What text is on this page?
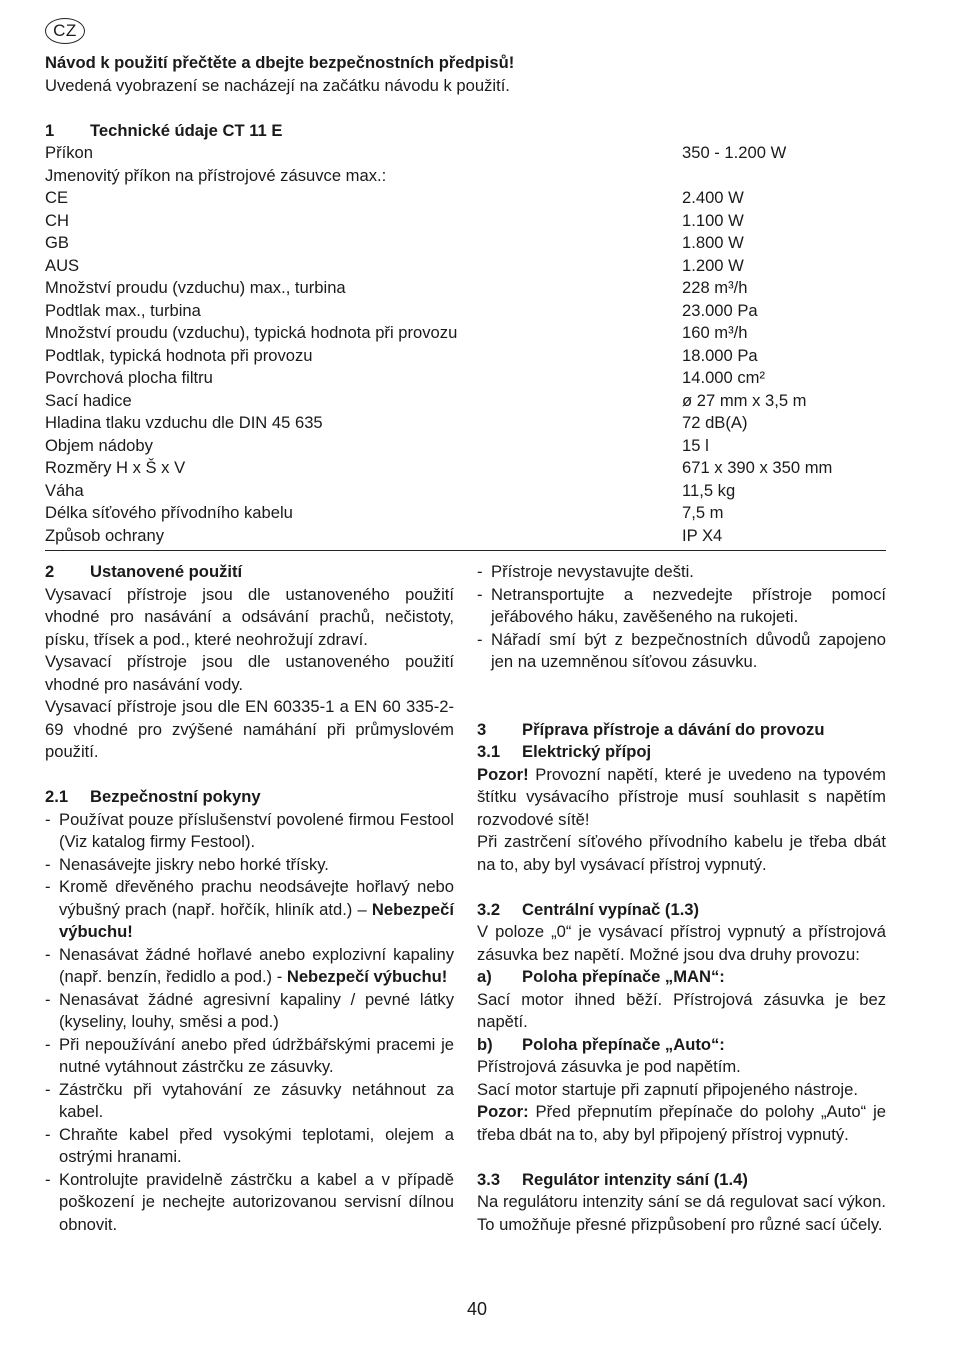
CZ
Návod k použití přečtěte a dbejte bezpečnostních předpisů!
Uvedená vyobrazení se nacházejí na začátku návodu k použití.
1 Technické údaje CT 11 E
Příkon	350 - 1.200 W
Jmenovitý příkon na přístrojové zásuvce max.:
CE	2.400 W
CH	1.100 W
GB	1.800 W
AUS	1.200 W
Množství proudu (vzduchu) max., turbina	228 m³/h
Podtlak max., turbina	23.000 Pa
Množství proudu (vzduchu), typická hodnota při provozu	160 m³/h
Podtlak, typická hodnota při provozu	18.000 Pa
Povrchová plocha filtru	14.000 cm²
Sací hadice	ø 27 mm x 3,5 m
Hladina tlaku vzduchu dle DIN 45 635	72 dB(A)
Objem nádoby	15 l
Rozměry H x Š x V	671 x 390 x 350 mm
Váha	11,5 kg
Délka síťového přívodního kabelu	7,5 m
Způsob ochrany	IP X4

2 Ustanovené použití

Vysavací přístroje jsou dle ustanoveného použití vhodné pro nasávání a odsávání prachů, nečistoty, písku, třísek a pod., které neohrožují zdraví.

Vysavací přístroje jsou dle ustanoveného použití vhodné pro nasávání vody.

Vysavací přístroje jsou dle EN 60335-1 a EN 60 335-2-69 vhodné pro zvýšené namáhání při průmyslovém použití.

2.1 Bezpečnostní pokyny

- Používat pouze příslušenství povolené firmou Festool (Viz katalog firmy Festool).
- Nenasávejte jiskry nebo horké třísky.
- Kromě dřevěného prachu neodsávejte hořlavý nebo výbušný prach (např. hořčík, hliník atd.) – Nebezpečí výbuchu!
- Nenasávat žádné hořlavé anebo explozivní kapaliny (např. benzín, ředidlo a pod.) - Nebezpečí výbuchu!
- Nenasávat žádné agresivní kapaliny / pevné látky (kyseliny, louhy, směsi a pod.)
- Při nepoužívání anebo před údržbářskými pracemi je nutné vytáhnout zástrčku ze zásuvky.
- Zástrčku při vytahování ze zásuvky netáhnout za kabel.
- Chraňte kabel před vysokými teplotami, olejem a ostrými hranami.
- Kontrolujte pravidelně zástrčku a kabel a v případě poškození je nechejte autorizovanou servisní dílnou obnovit.
- Přístroje nevystavujte dešti.
- Netransportujte a nezvedejte přístroje pomocí jeřábového háku, zavěšeného na rukojeti.
- Nářadí smí být z bezpečnostních důvodů zapojeno jen na uzemněnou síťovou zásuvku.

3 Příprava přístroje a dávání do provozu

3.1 Elektrický přípoj

Pozor! Provozní napětí, které je uvedeno na typovém štítku vysávacího přístroje musí souhlasit s napětím rozvodové sítě!

Při zastrčení síťového přívodního kabelu je třeba dbát na to, aby byl vysávací přístroj vypnutý.

3.2 Centrální vypínač (1.3)

V poloze „0“ je vysávací přístroj vypnutý a přístrojová zásuvka bez napětí. Možné jsou dva druhy provozu:

a) Poloha přepínače „MAN“:

Sací motor ihned běží. Přístrojová zásuvka je bez napětí.

b) Poloha přepínače „Auto“:

Přístrojová zásuvka je pod napětím.

Sací motor startuje při zapnutí připojeného nástroje.

Pozor: Před přepnutím přepínače do polohy „Auto“ je třeba dbát na to, aby byl připojený přístroj vypnutý.

3.3 Regulátor intenzity sání (1.4)

Na regulátoru intenzity sání se dá regulovat sací výkon. To umožňuje přesné přizpůsobení pro různé sací účely.

40
